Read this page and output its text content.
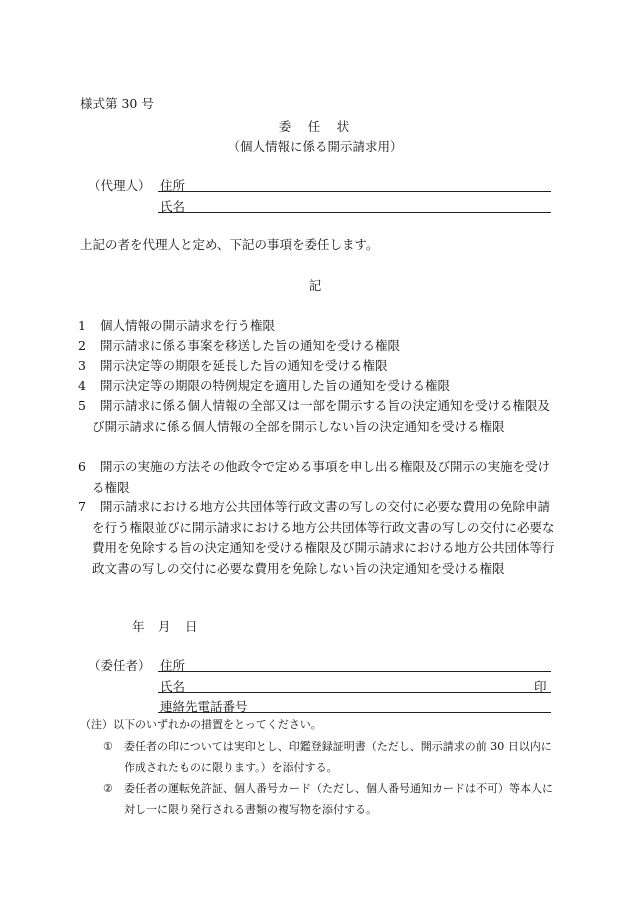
様式第 30 号
委　任　状
（個人情報に係る開示請求用）
（代理人） 住所
氏名
上記の者を代理人と定め、下記の事項を委任します。
記
1	個人情報の開示請求を行う権限
2	開示請求に係る事案を移送した旨の通知を受ける権限
3	開示決定等の期限を延長した旨の通知を受ける権限
4	開示決定等の期限の特例規定を適用した旨の通知を受ける権限
5	開示請求に係る個人情報の全部又は一部を開示する旨の決定通知を受ける権限及び開示請求に係る個人情報の全部を開示しない旨の決定通知を受ける権限
6	開示の実施の方法その他政令で定める事項を申し出る権限及び開示の実施を受ける権限
7	開示請求における地方公共団体等行政文書の写しの交付に必要な費用の免除申請を行う権限並びに開示請求における地方公共団体等行政文書の写しの交付に必要な費用を免除する旨の決定通知を受ける権限及び開示請求における地方公共団体等行政文書の写しの交付に必要な費用を免除しない旨の決定通知を受ける権限
年 月 日
（委任者） 住所
氏名	印
連絡先電話番号
（注） 以下のいずれかの措置をとってください。
① 委任者の印については実印とし、印鑑登録証明書（ただし、開示請求の前 30 日以内に作成されたものに限ります。）を添付する。
② 委任者の運転免許証、個人番号カード（ただし、個人番号通知カードは不可）等本人に対し一に限り発行される書類の複写物を添付する。
